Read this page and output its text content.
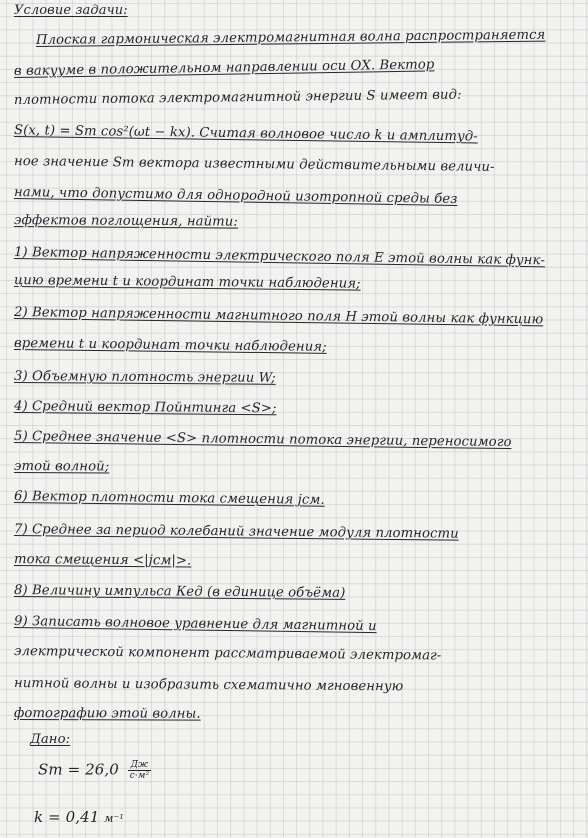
Условие задачи:
Плоская гармоническая электромагнитная волна распространяется
в вакууме в положительном направлении оси ОХ. Вектор
плотности потока электромагнитной энергии S имеет вид:
S(x, t) = Sm cos²(ωt − kx). Считая волновое число k и амплитуд-
ное значение Sm вектора известными действительными величи-
нами, что допустимо для однородной изотропной среды без
эффектов поглощения, найти:
1) Вектор напряженности электрического поля E этой волны как функ-
цию времени t и координат точки наблюдения;
2) Вектор напряженности магнитного поля H этой волны как функцию
времени t и координат точки наблюдения;
3) Объемную плотность энергии W;
4) Средний вектор Пойнтинга <S>;
5) Среднее значение <S> плотности потока энергии, переносимого
этой волной;
6) Вектор плотности тока смещения jсм.
7) Среднее за период колебаний значение модуля плотности
тока смещения <|jсм|>.
8) Величину импульса Кед (в единице объёма)
9) Записать волновое уравнение для магнитной и
электрической компонент рассматриваемой электромаг-
нитной волны и изобразить схематично мгновенную
фотографию этой волны.
Дано:
$Sm = 26,0 \frac{Дж}{\text{с·м²}}$
k = 0,41 м⁻¹
